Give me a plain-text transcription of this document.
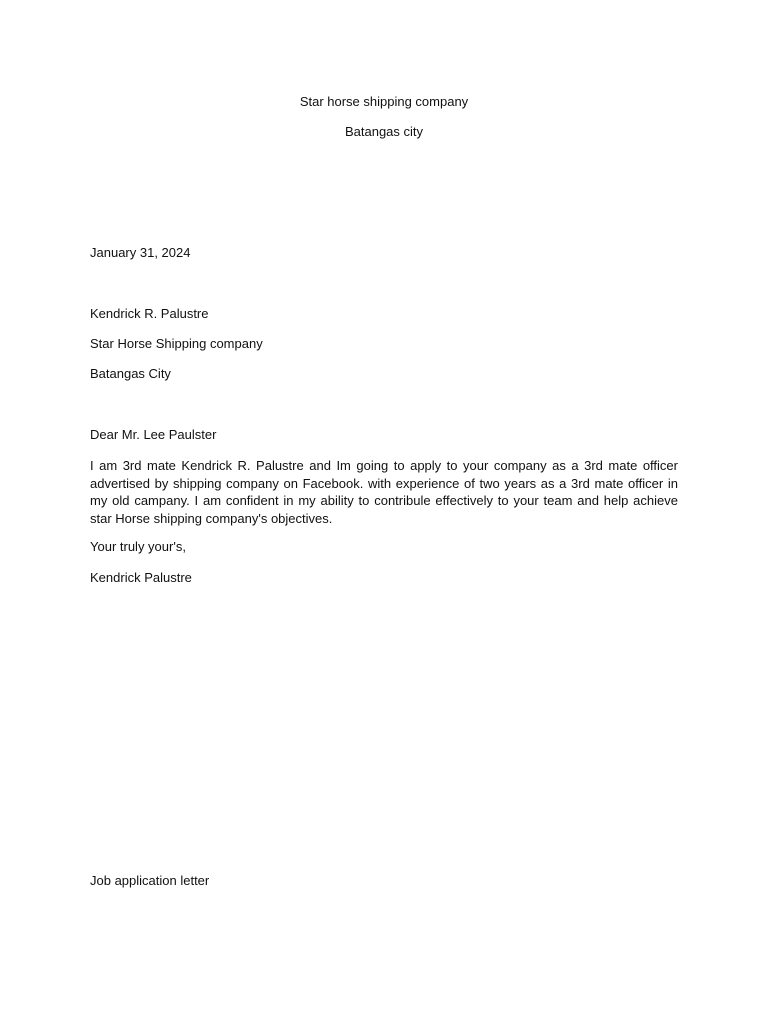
Star horse shipping company
Batangas city
January 31, 2024
Kendrick R. Palustre
Star Horse Shipping company
Batangas City
Dear Mr. Lee Paulster
I am 3rd mate Kendrick R. Palustre and Im going to apply to your company as a 3rd mate officer advertised by shipping company on Facebook. with experience of two years as a 3rd mate officer in my old campany. I am confident in my ability to contribule effectively to your team and help achieve star Horse shipping company's objectives.
Your truly your's,
Kendrick Palustre
Job application letter
